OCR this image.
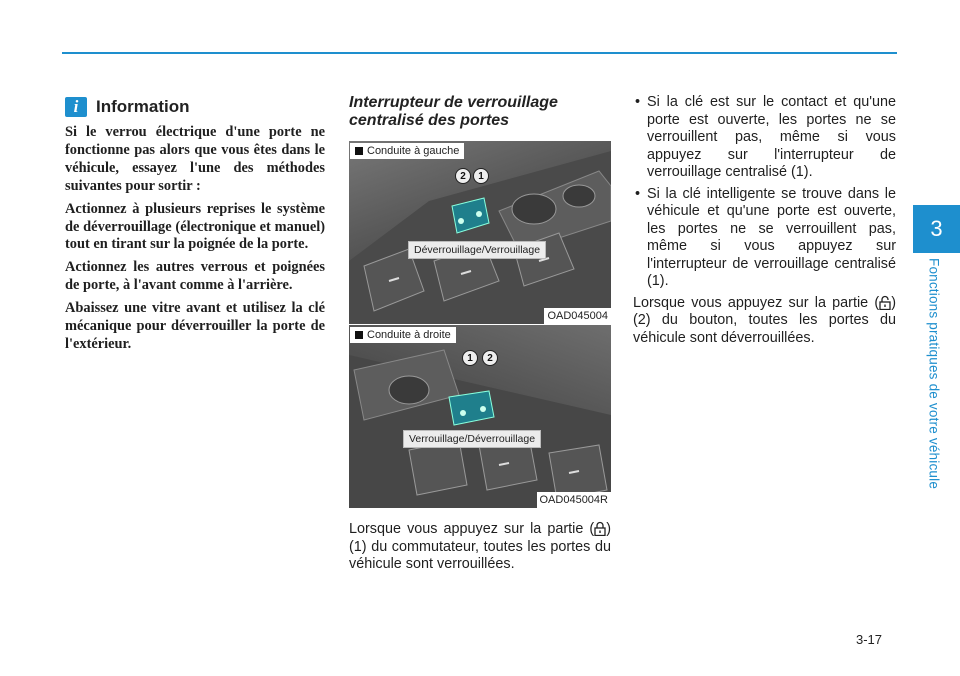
3
Fonctions pratiques de votre véhicule
i	Information

Si le verrou électrique d'une porte ne fonctionne pas alors que vous êtes dans le véhicule, essayez l'une des méthodes suivantes pour sortir :

Actionnez à plusieurs reprises le système de déverrouillage (électronique et manuel) tout en tirant sur la poignée de la porte.

Actionnez les autres verrous et poignées de porte, à l'avant comme à l'arrière.

Abaissez une vitre avant et utilisez la clé mécanique pour déverrouiller la porte de l'extérieur.

Interrupteur de verrouillage centralisé des portes
Conduite à gauche
2	1
Déverrouillage/Verrouillage
OAD045004
Conduite à droite
1	2
Verrouillage/Déverrouillage
OAD045004R
Lorsque vous appuyez sur la partie ( ) (1) du commutateur, toutes les portes du véhicule sont verrouillées.
• Si la clé est sur le contact et qu'une porte est ouverte, les portes ne se verrouillent pas, même si vous appuyez sur l'interrupteur de verrouillage centralisé (1).
• Si la clé intelligente se trouve dans le véhicule et qu'une porte est ouverte, les portes ne se verrouillent pas, même si vous appuyez sur l'interrupteur de verrouillage centralisé (1).
Lorsque vous appuyez sur la partie ( ) (2) du bouton, toutes les portes du véhicule sont déverrouillées.
3-17
